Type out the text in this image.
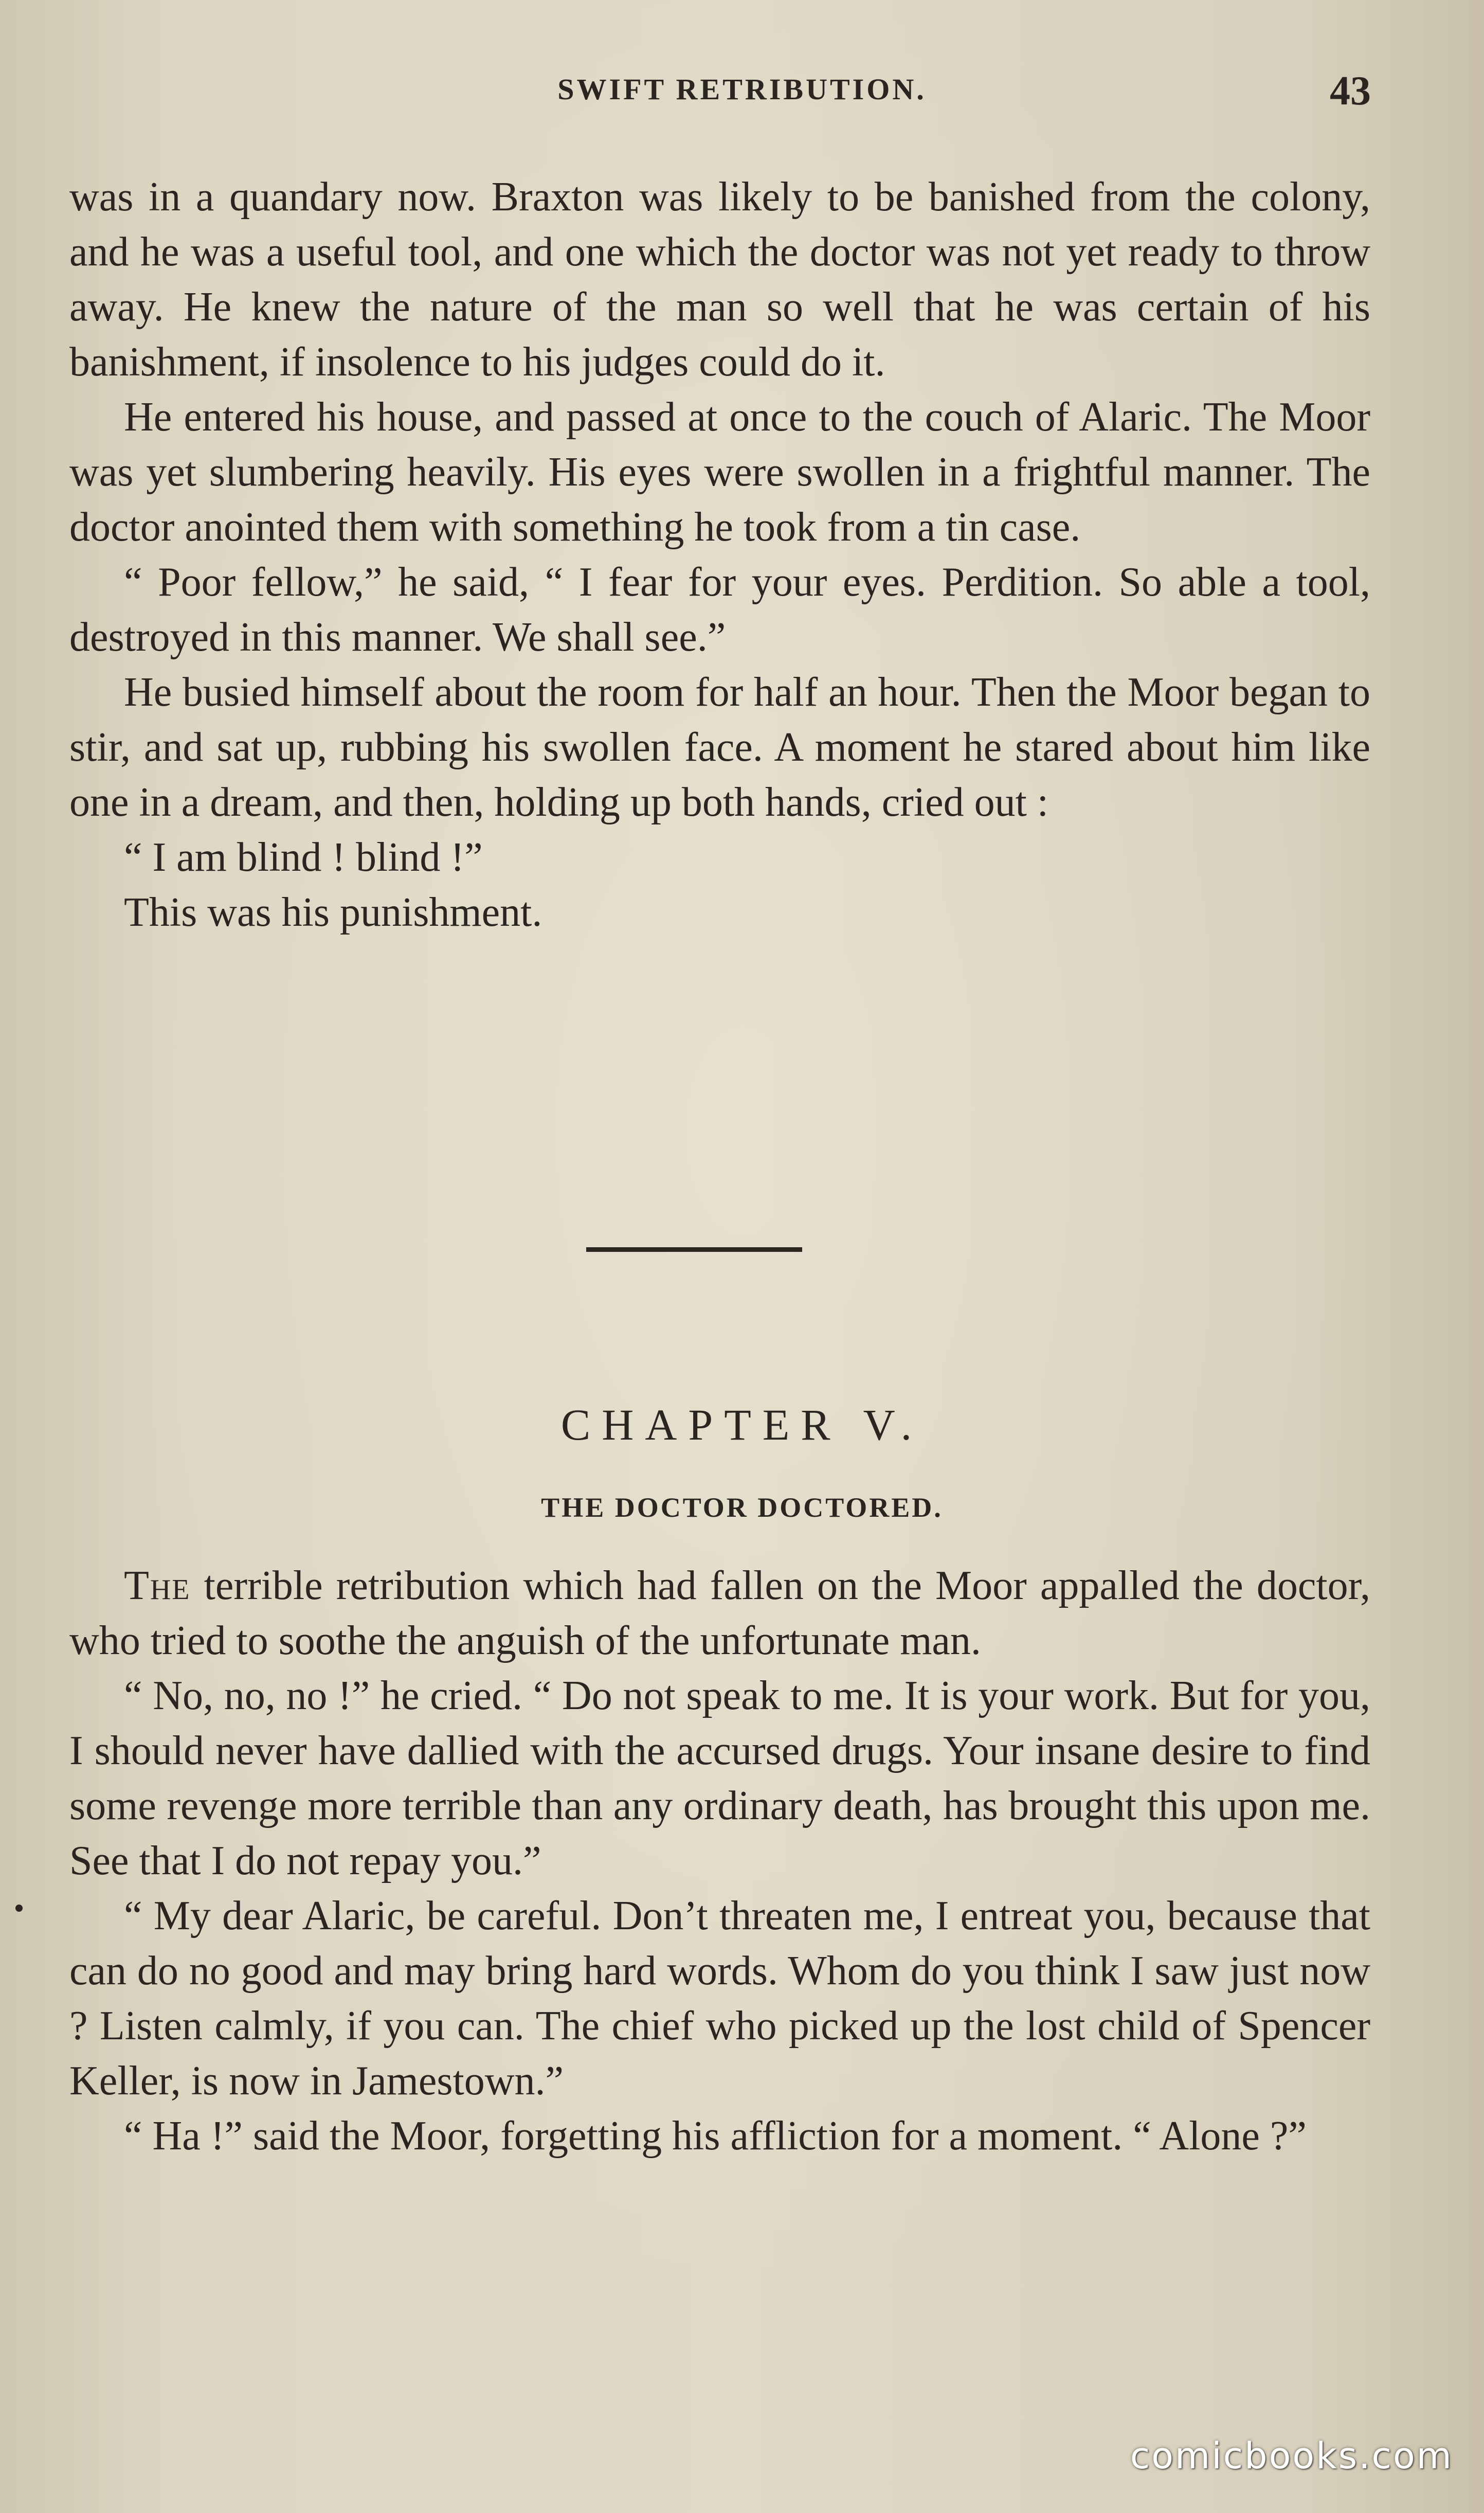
SWIFT RETRIBUTION.	43

was in a quandary now. Braxton was likely to be banished from the colony, and he was a useful tool, and one which the doctor was not yet ready to throw away. He knew the nature of the man so well that he was certain of his banishment, if insolence to his judges could do it.

He entered his house, and passed at once to the couch of Alaric. The Moor was yet slumbering heavily. His eyes were swollen in a frightful manner. The doctor anointed them with something he took from a tin case.

“ Poor fellow,” he said, “ I fear for your eyes. Perdition. So able a tool, destroyed in this manner. We shall see.”

He busied himself about the room for half an hour. Then the Moor began to stir, and sat up, rubbing his swollen face. A moment he stared about him like one in a dream, and then, holding up both hands, cried out :

“ I am blind ! blind !”

This was his punishment.

CHAPTER V.
THE DOCTOR DOCTORED.

The terrible retribution which had fallen on the Moor appalled the doctor, who tried to soothe the anguish of the unfortunate man.

“ No, no, no !” he cried. “ Do not speak to me. It is your work. But for you, I should never have dallied with the accursed drugs. Your insane desire to find some revenge more terrible than any ordinary death, has brought this upon me. See that I do not repay you.”

“ My dear Alaric, be careful. Don’t threaten me, I entreat you, because that can do no good and may bring hard words. Whom do you think I saw just now ? Listen calmly, if you can. The chief who picked up the lost child of Spencer Keller, is now in Jamestown.”

“ Ha !” said the Moor, forgetting his affliction for a moment. “ Alone ?”

comicbooks.com
